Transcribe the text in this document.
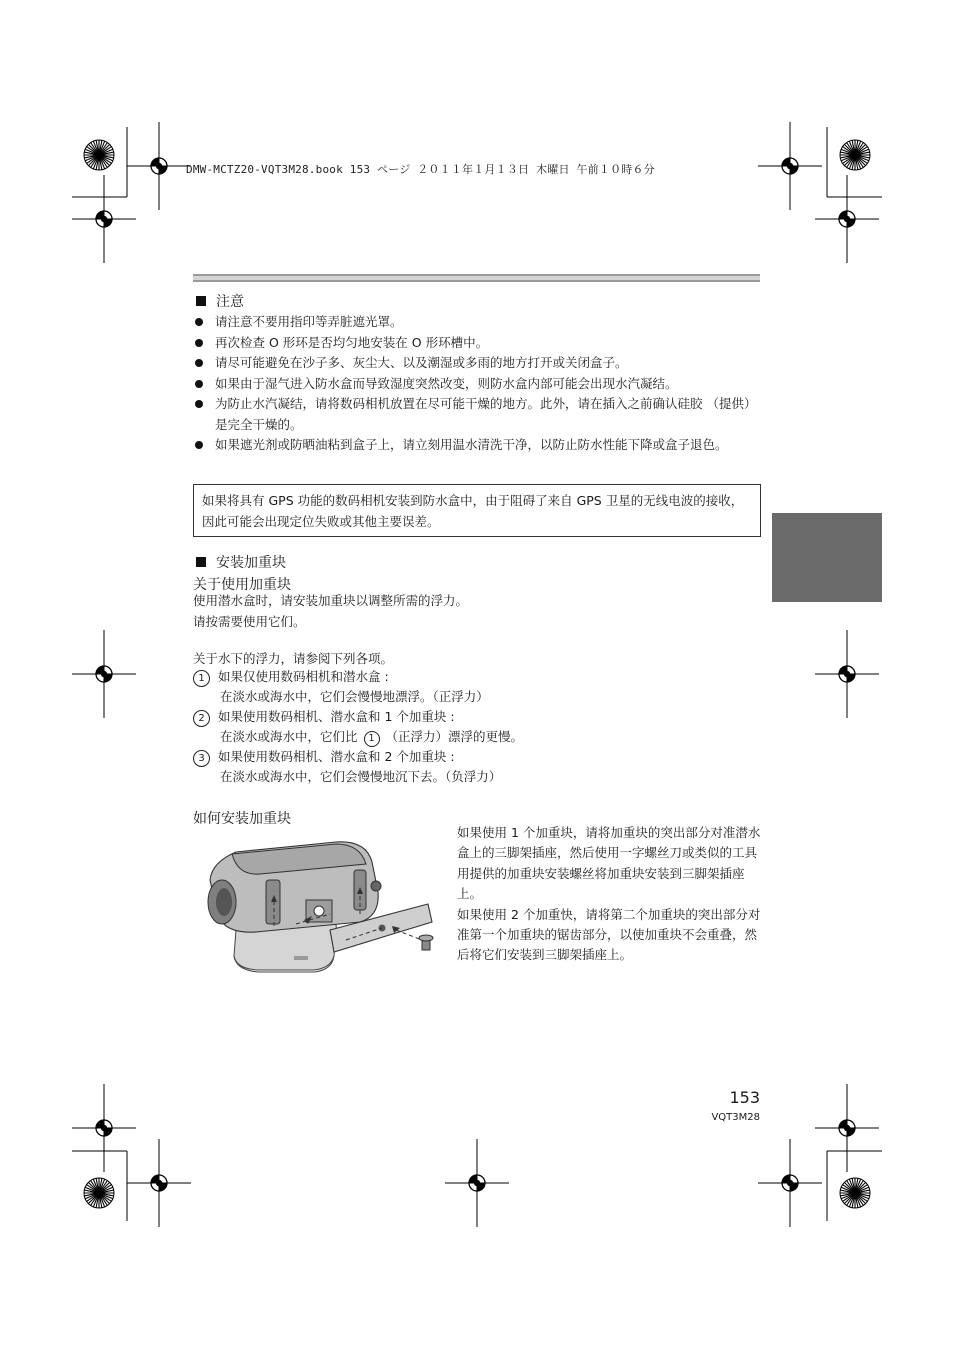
DMW-MCTZ20-VQT3M28.book 153 ページ ２０１１年１月１３日 木曜日 午前１０時６分
注意
请注意不要用指印等弄脏遮光罩。
再次检查 O 形环是否均匀地安装在 O 形环槽中。
请尽可能避免在沙子多、灰尘大、以及潮湿或多雨的地方打开或关闭盒子。
如果由于湿气进入防水盒而导致湿度突然改变，则防水盒内部可能会出现水汽凝结。
为防止水汽凝结，请将数码相机放置在尽可能干燥的地方。此外，请在插入之前确认硅胶 （提供）是完全干燥的。
如果遮光剂或防晒油粘到盒子上，请立刻用温水清洗干净，以防止防水性能下降或盒子退色。
如果将具有 GPS 功能的数码相机安装到防水盒中，由于阻碍了来自 GPS 卫星的无线电波的接收，因此可能会出现定位失败或其他主要误差。
安装加重块
关于使用加重块
使用潜水盒时，请安装加重块以调整所需的浮力。
请按需要使用它们。
关于水下的浮力，请参阅下列各项。
1 如果仅使用数码相机和潜水盒 :
在淡水或海水中，它们会慢慢地漂浮。（正浮力）
2 如果使用数码相机、潜水盒和 1 个加重块 :
在淡水或海水中，它们比 1 （正浮力）漂浮的更慢。
3 如果使用数码相机、潜水盒和 2 个加重块 :
在淡水或海水中，它们会慢慢地沉下去。（负浮力）
如何安装加重块
如果使用 1 个加重块，请将加重块的突出部分对准潜水盒上的三脚架插座，然后使用一字螺丝刀或类似的工具用提供的加重块安装螺丝将加重块安装到三脚架插座上。
如果使用 2 个加重快，请将第二个加重块的突出部分对准第一个加重块的锯齿部分，以使加重块不会重叠，然后将它们安装到三脚架插座上。
153
VQT3M28
